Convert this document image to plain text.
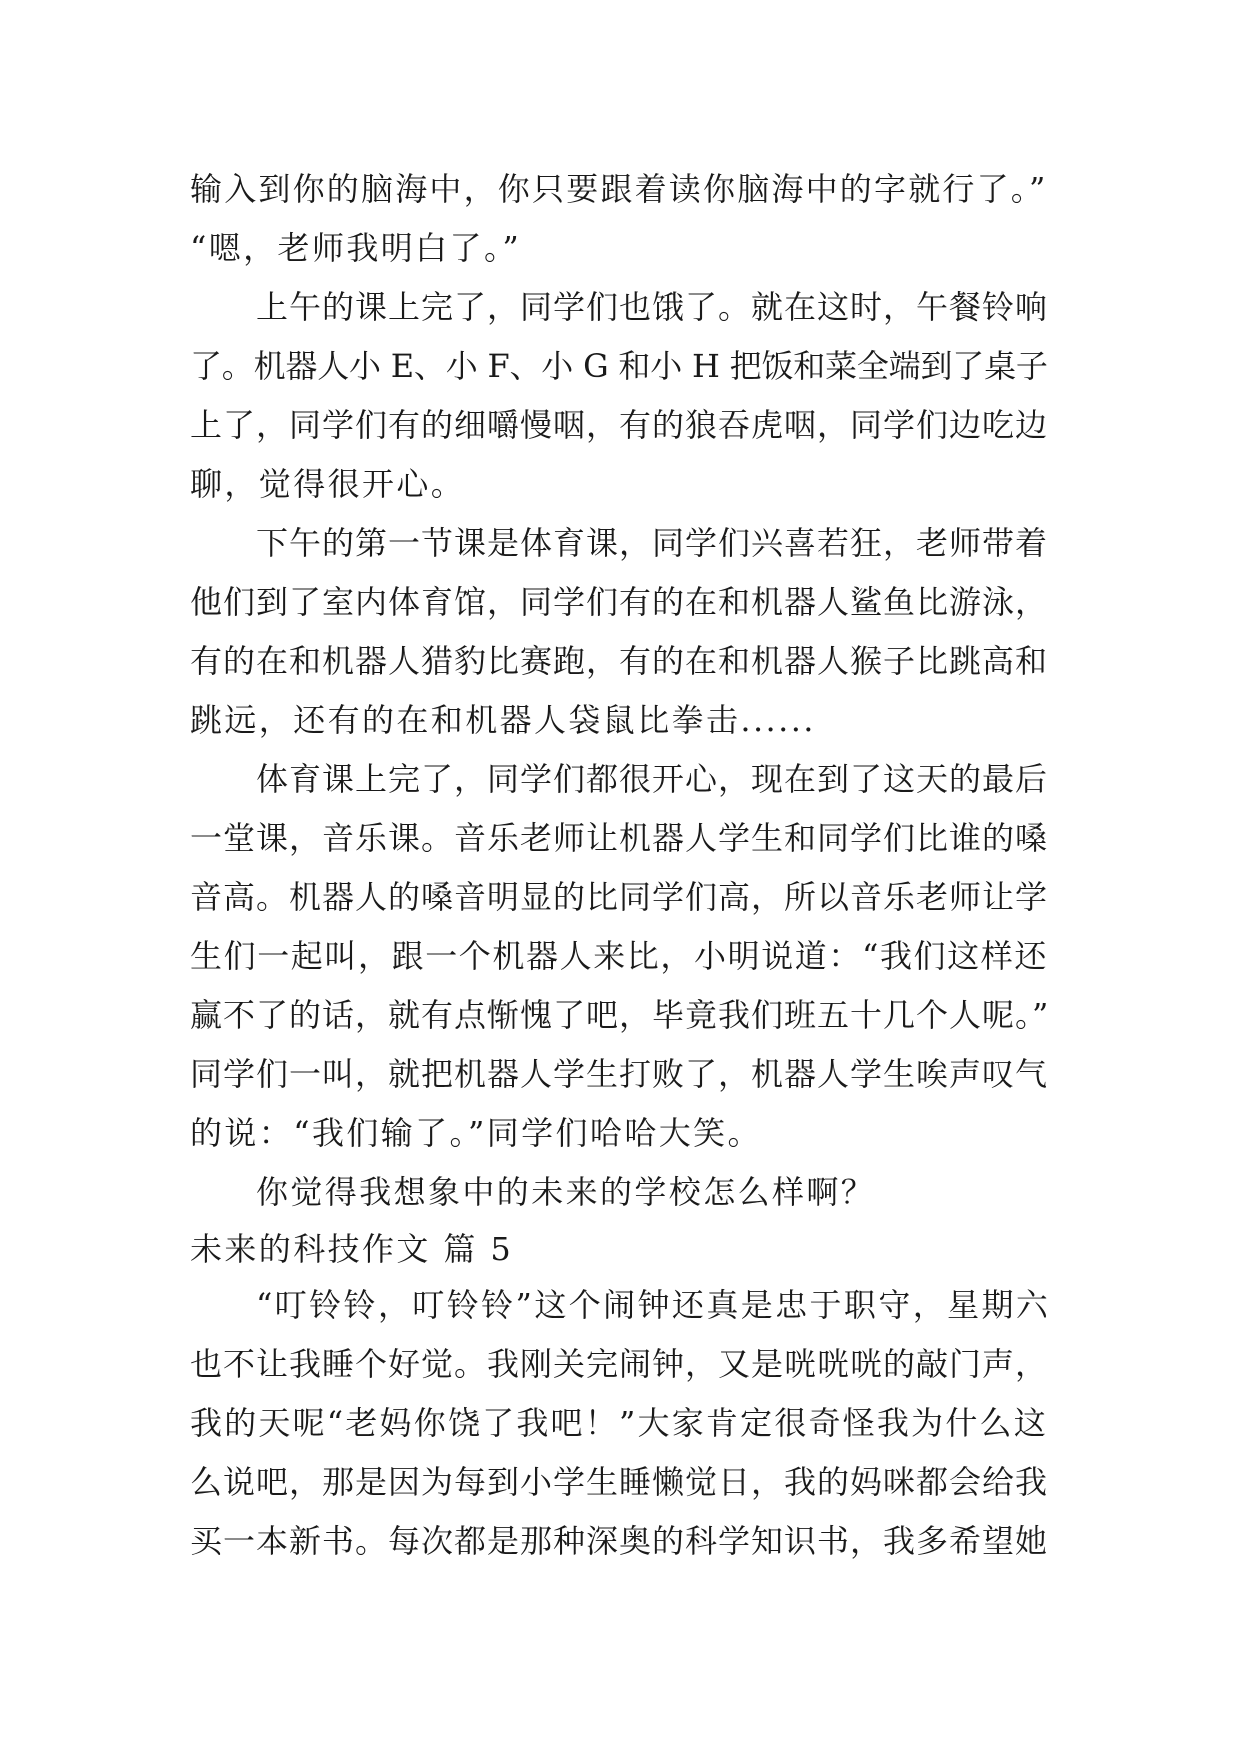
输入到你的脑海中，你只要跟着读你脑海中的字就行了。”
“嗯，老师我明白了。”
上午的课上完了，同学们也饿了。就在这时，午餐铃响
了。机器人小 E、小 F、小 G 和小 H 把饭和菜全端到了桌子
上了，同学们有的细嚼慢咽，有的狼吞虎咽，同学们边吃边
聊，觉得很开心。
下午的第一节课是体育课，同学们兴喜若狂，老师带着
他们到了室内体育馆，同学们有的在和机器人鲨鱼比游泳，
有的在和机器人猎豹比赛跑，有的在和机器人猴子比跳高和
跳远，还有的在和机器人袋鼠比拳击......
体育课上完了，同学们都很开心，现在到了这天的最后
一堂课，音乐课。音乐老师让机器人学生和同学们比谁的嗓
音高。机器人的嗓音明显的比同学们高，所以音乐老师让学
生们一起叫，跟一个机器人来比，小明说道：“我们这样还
赢不了的话，就有点惭愧了吧，毕竟我们班五十几个人呢。”
同学们一叫，就把机器人学生打败了，机器人学生唉声叹气
的说：“我们输了。”同学们哈哈大笑。
你觉得我想象中的未来的学校怎么样啊？
未来的科技作文 篇 5
“叮铃铃，叮铃铃”这个闹钟还真是忠于职守，星期六
也不让我睡个好觉。我刚关完闹钟，又是咣咣咣的敲门声，
我的天呢“老妈你饶了我吧！”大家肯定很奇怪我为什么这
么说吧，那是因为每到小学生睡懒觉日，我的妈咪都会给我
买一本新书。每次都是那种深奥的科学知识书，我多希望她
